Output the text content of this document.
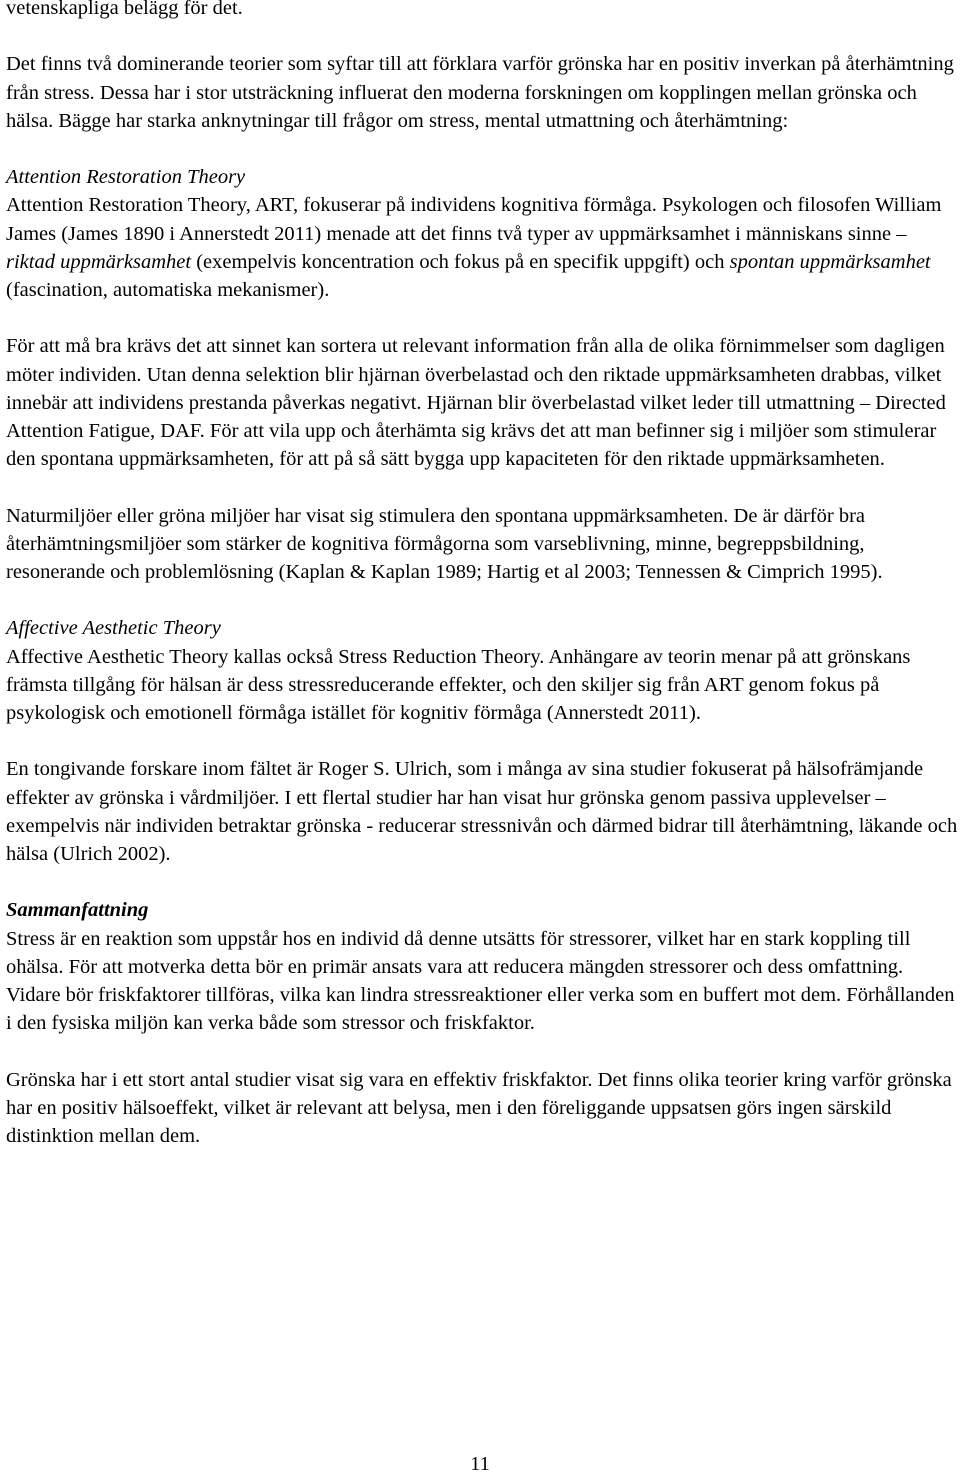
vetenskapliga belägg för det.

Det finns två dominerande teorier som syftar till att förklara varför grönska har en positiv inverkan på återhämtning från stress. Dessa har i stor utsträckning influerat den moderna forskningen om kopplingen mellan grönska och hälsa. Bägge har starka anknytningar till frågor om stress, mental utmattning och återhämtning:

Attention Restoration Theory
Attention Restoration Theory, ART, fokuserar på individens kognitiva förmåga. Psykologen och filosofen William James (James 1890 i Annerstedt 2011) menade att det finns två typer av uppmärksamhet i människans sinne – riktad uppmärksamhet (exempelvis koncentration och fokus på en specifik uppgift) och spontan uppmärksamhet (fascination, automatiska mekanismer).

För att må bra krävs det att sinnet kan sortera ut relevant information från alla de olika förnimmelser som dagligen möter individen. Utan denna selektion blir hjärnan överbelastad och den riktade uppmärksamheten drabbas, vilket innebär att individens prestanda påverkas negativt. Hjärnan blir överbelastad vilket leder till utmattning – Directed Attention Fatigue, DAF. För att vila upp och återhämta sig krävs det att man befinner sig i miljöer som stimulerar den spontana uppmärksamheten, för att på så sätt bygga upp kapaciteten för den riktade uppmärksamheten.

Naturmiljöer eller gröna miljöer har visat sig stimulera den spontana uppmärksamheten. De är därför bra återhämtningsmiljöer som stärker de kognitiva förmågorna som varseblivning, minne, begreppsbildning, resonerande och problemlösning (Kaplan & Kaplan 1989; Hartig et al 2003; Tennessen & Cimprich 1995).

Affective Aesthetic Theory
Affective Aesthetic Theory kallas också Stress Reduction Theory. Anhängare av teorin menar på att grönskans främsta tillgång för hälsan är dess stressreducerande effekter, och den skiljer sig från ART genom fokus på psykologisk och emotionell förmåga istället för kognitiv förmåga (Annerstedt 2011).

En tongivande forskare inom fältet är Roger S. Ulrich, som i många av sina studier fokuserat på hälsofrämjande effekter av grönska i vårdmiljöer. I ett flertal studier har han visat hur grönska genom passiva upplevelser – exempelvis när individen betraktar grönska - reducerar stressnivån och därmed bidrar till återhämtning, läkande och hälsa (Ulrich 2002).

Sammanfattning
Stress är en reaktion som uppstår hos en individ då denne utsätts för stressorer, vilket har en stark koppling till ohälsa. För att motverka detta bör en primär ansats vara att reducera mängden stressorer och dess omfattning. Vidare bör friskfaktorer tillföras, vilka kan lindra stressreaktioner eller verka som en buffert mot dem. Förhållanden i den fysiska miljön kan verka både som stressor och friskfaktor.

Grönska har i ett stort antal studier visat sig vara en effektiv friskfaktor. Det finns olika teorier kring varför grönska har en positiv hälsoeffekt, vilket är relevant att belysa, men i den föreliggande uppsatsen görs ingen särskild distinktion mellan dem.

11
